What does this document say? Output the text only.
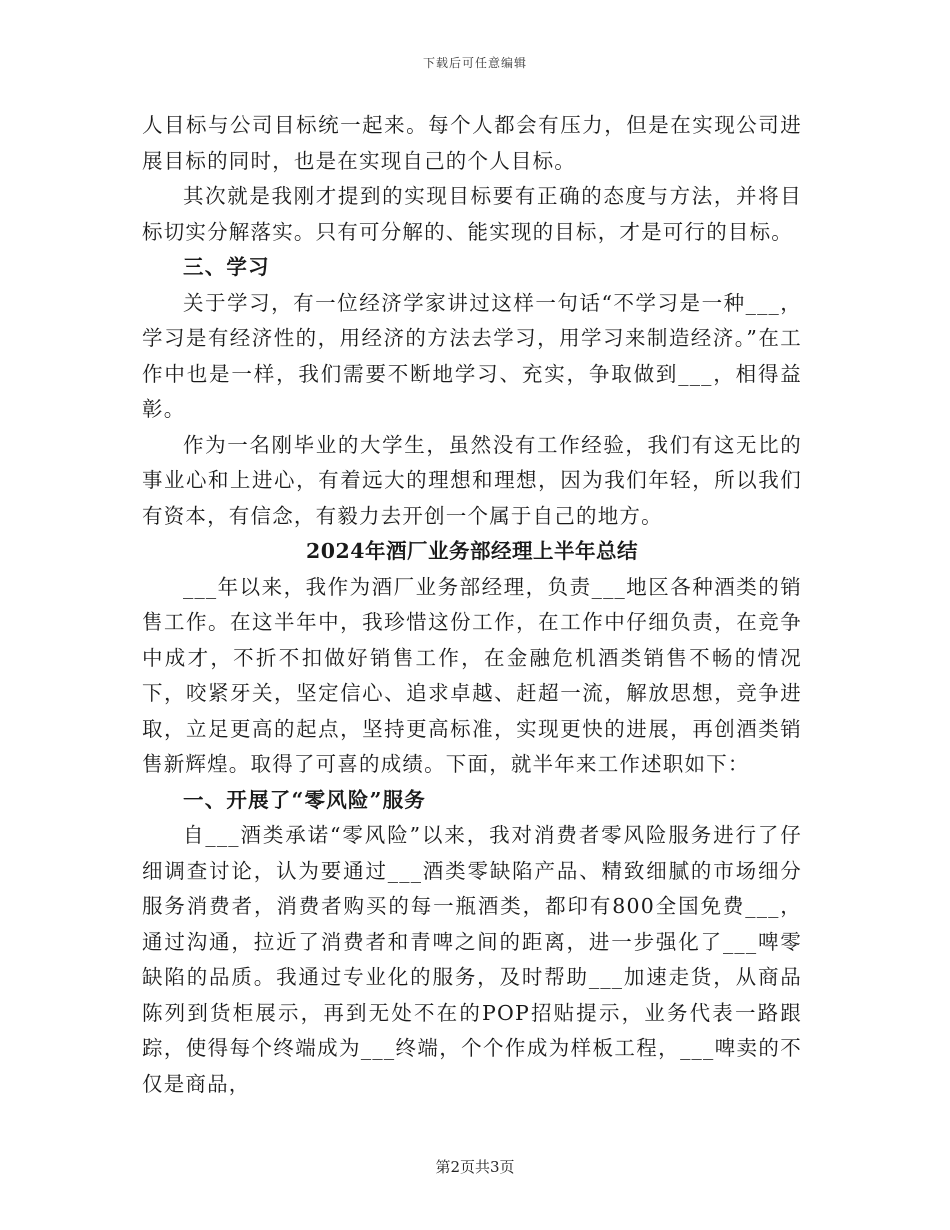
下载后可任意编辑

人目标与公司目标统一起来。每个人都会有压力，但是在实现公司进展目标的同时，也是在实现自己的个人目标。

其次就是我刚才提到的实现目标要有正确的态度与方法，并将目标切实分解落实。只有可分解的、能实现的目标，才是可行的目标。

三、学习

关于学习，有一位经济学家讲过这样一句话“不学习是一种___，学习是有经济性的，用经济的方法去学习，用学习来制造经济。”在工作中也是一样，我们需要不断地学习、充实，争取做到___，相得益彰。

作为一名刚毕业的大学生，虽然没有工作经验，我们有这无比的事业心和上进心，有着远大的理想和理想，因为我们年轻，所以我们有资本，有信念，有毅力去开创一个属于自己的地方。

2024年酒厂业务部经理上半年总结

___年以来，我作为酒厂业务部经理，负责___地区各种酒类的销售工作。在这半年中，我珍惜这份工作，在工作中仔细负责，在竞争中成才，不折不扣做好销售工作，在金融危机酒类销售不畅的情况下，咬紧牙关，坚定信心、追求卓越、赶超一流，解放思想，竞争进取，立足更高的起点，坚持更高标准，实现更快的进展，再创酒类销售新辉煌。取得了可喜的成绩。下面，就半年来工作述职如下：

一、开展了“零风险”服务

自___酒类承诺“零风险”以来，我对消费者零风险服务进行了仔细调查讨论，认为要通过___酒类零缺陷产品、精致细腻的市场细分服务消费者，消费者购买的每一瓶酒类，都印有800全国免费___，通过沟通，拉近了消费者和青啤之间的距离，进一步强化了___啤零缺陷的品质。我通过专业化的服务，及时帮助___加速走货，从商品陈列到货柜展示，再到无处不在的POP招贴提示，业务代表一路跟踪，使得每个终端成为___终端，个个作成为样板工程，___啤卖的不仅是商品，

第2页共3页
